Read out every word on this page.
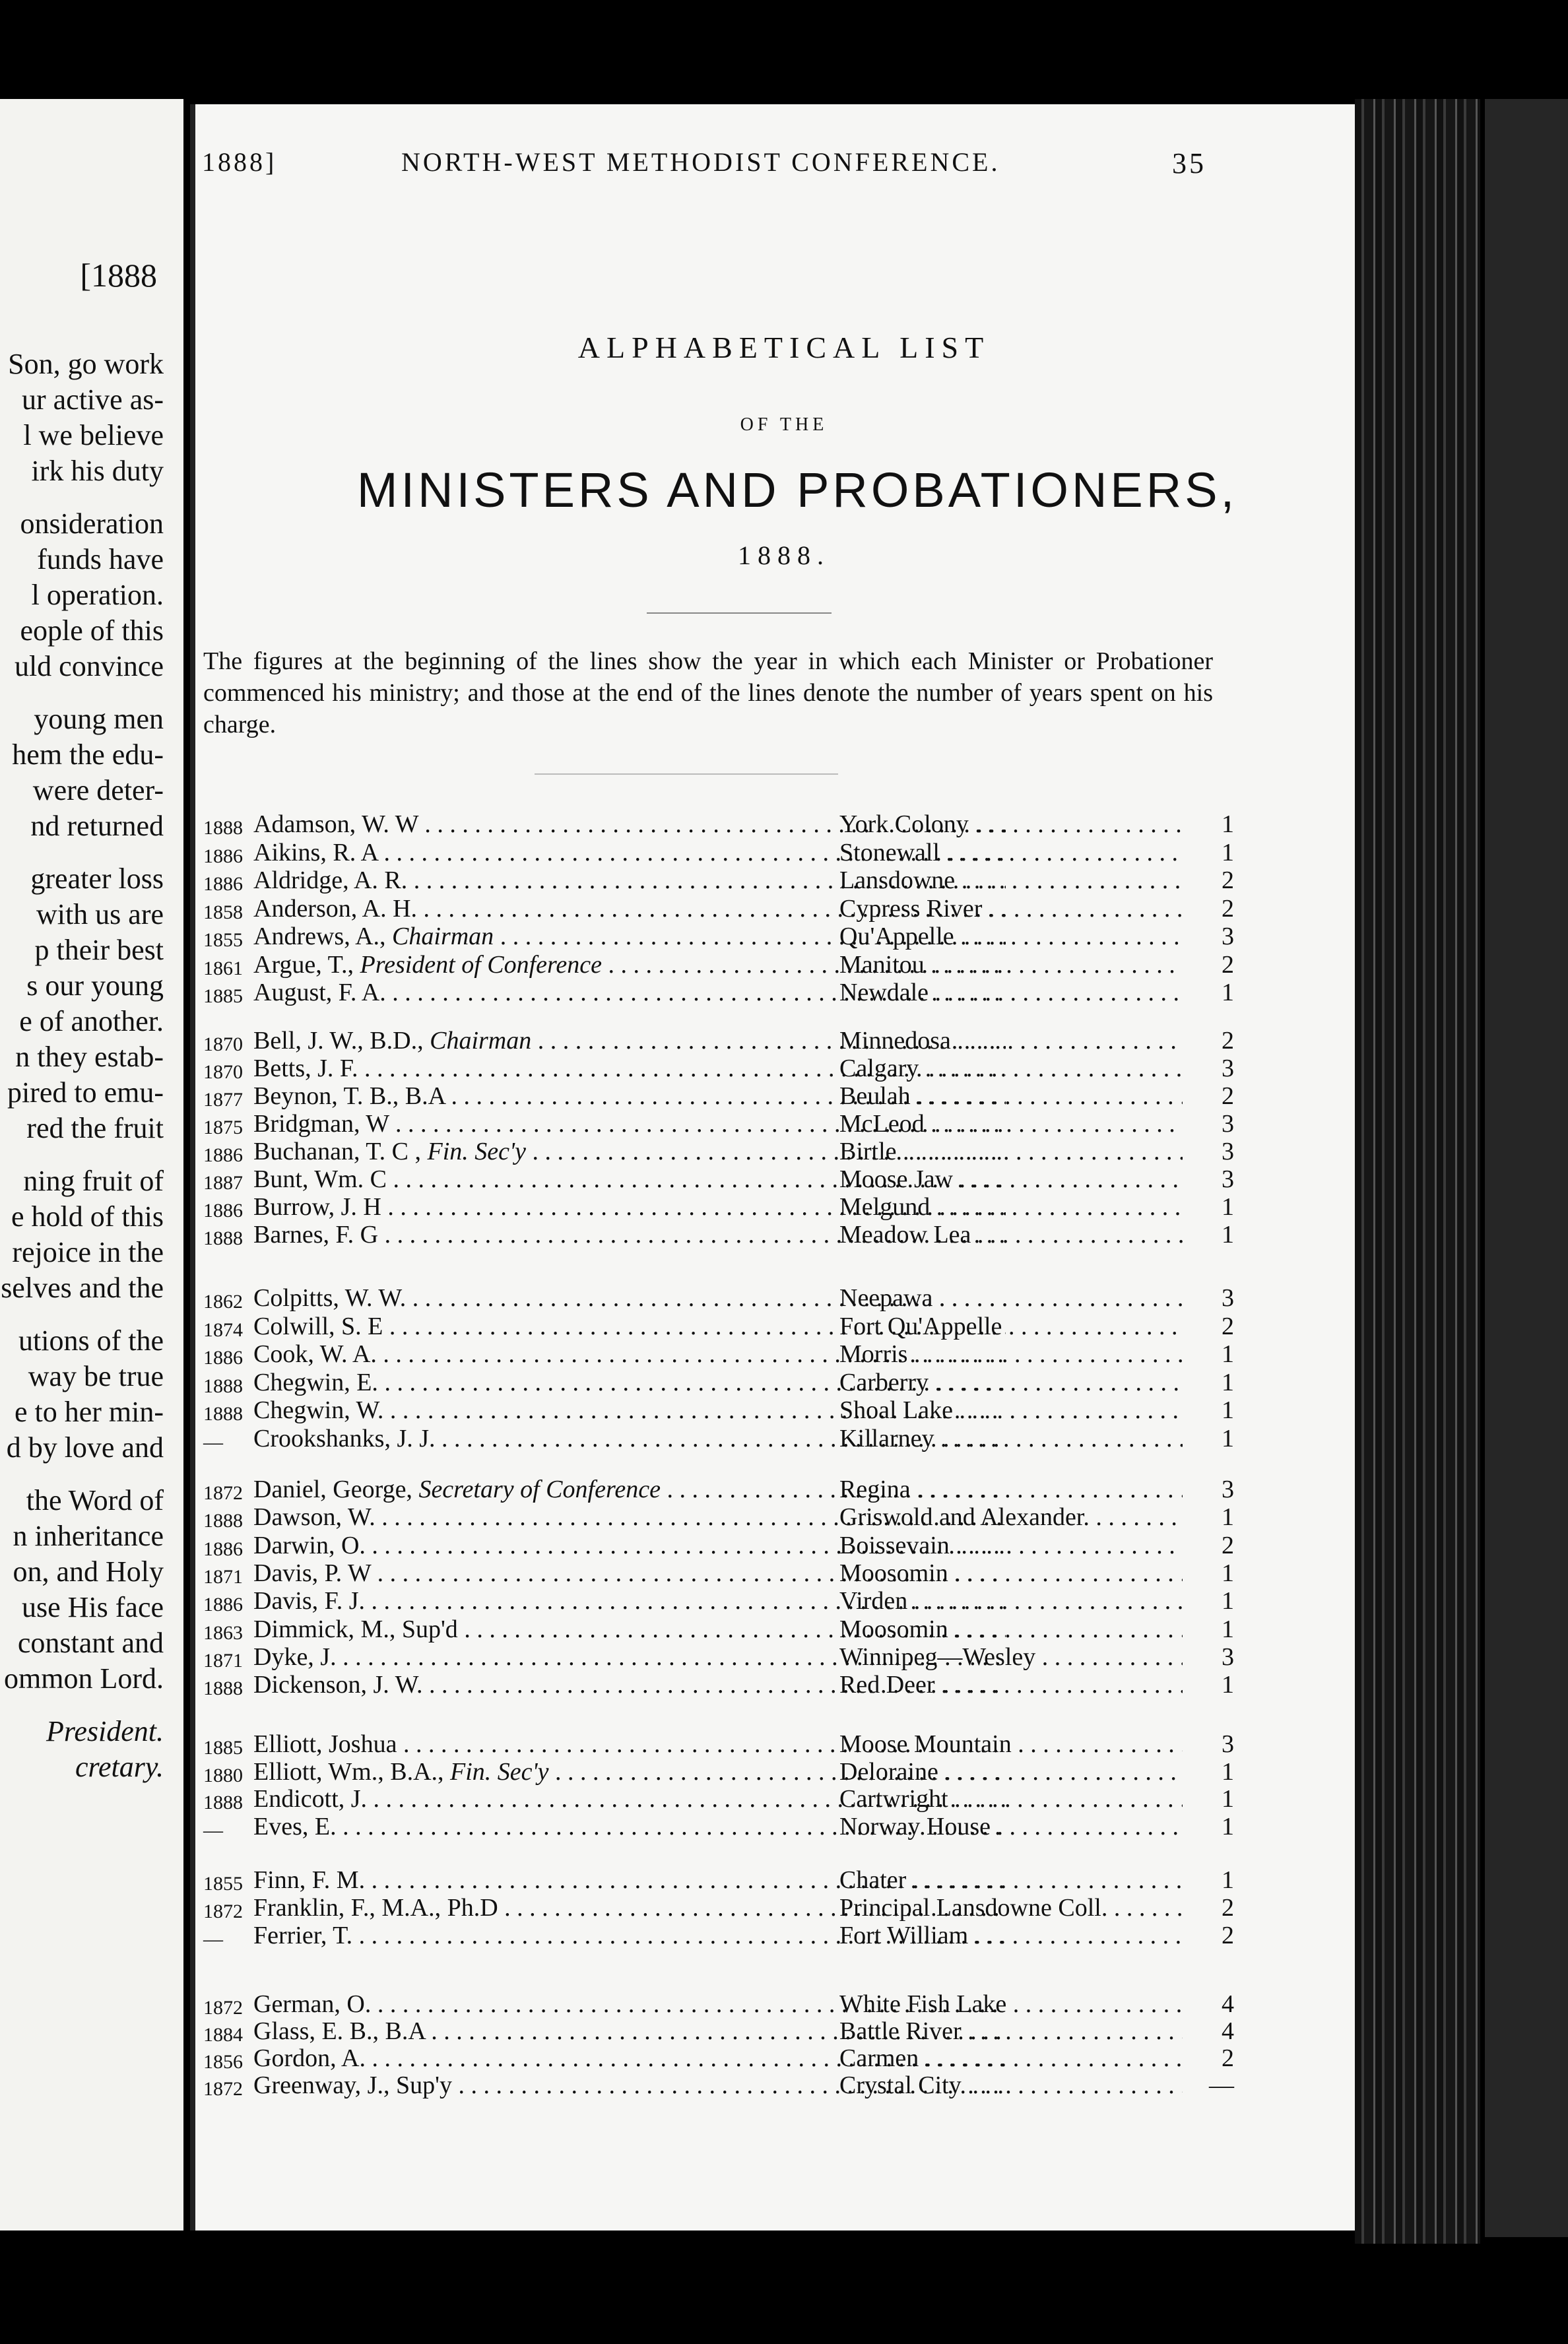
[1888
Son, go work
ur active as-
l we believe
irk his duty
onsideration
funds have
l operation.
eople of this
uld convince
young men
hem the edu-
were deter-
nd returned
greater loss
with us are
p their best
s our young
e of another.
n they estab-
pired to emu-
red the fruit
ning fruit of
e hold of this
rejoice in the
selves and the
utions of the
way be true
e to her min-
d by love and
the Word of
n inheritance
on, and Holy
use His face
constant and
ommon Lord.
President.
cretary.
1888]	NORTH-WEST METHODIST CONFERENCE.	35
ALPHABETICAL LIST
OF THE
MINISTERS AND PROBATIONERS,
1888.
The figures at the beginning of the lines show the year in which each Minister or Probationer commenced his ministry; and those at the end of the lines denote the number of years spent on his charge.
1888 Adamson, W. W . . .	York Colony . . .	1
1886 Aikins, R. A . . .	Stonewall . . .	1
1886 Aldridge, A. R. . . .	Lansdowne . . .	2
1858 Anderson, A. H. . . .	Cypress River . . .	2
1855 Andrews, A., Chairman . . .	Qu'Appelle . . .	3
1861 Argue, T., President of Conference . . .	Manitou . . .	2
1885 August, F. A. . . .	Newdale . . .	1
1870 Bell, J. W., B.D., Chairman . . .	Minnedosa . . .	2
1870 Betts, J. F. . . .	Calgary . . .	3
1877 Beynon, T. B., B.A . . .	Beulah . . .	2
1875 Bridgman, W . . .	McLeod . . .	3
1886 Buchanan, T. C , Fin. Sec'y . . .	Birtle . . .	3
1887 Bunt, Wm. C . . .	Moose Jaw . . .	3
1886 Burrow, J. H . . .	Melgund . . .	1
1888 Barnes, F. G . . .	Meadow Lea . . .	1
1862 Colpitts, W. W. . . .	Neepawa . . .	3
1874 Colwill, S. E . . .	Fort Qu'Appelle . . .	2
1886 Cook, W. A. . . .	Morris . . .	1
1888 Chegwin, E. . . .	Carberry . . .	1
1888 Chegwin, W. . . .	Shoal Lake . . .	1
— Crookshanks, J. J. . . .	Killarney . . .	1
1872 Daniel, George, Secretary of Conference . . .	Regina . . .	3
1888 Dawson, W. . . .	Griswold and Alexander. . . .	1
1886 Darwin, O. . . .	Boissevain . . .	2
1871 Davis, P. W . . .	Moosomin . . .	1
1886 Davis, F. J. . . .	Virden . . .	1
1863 Dimmick, M., Sup'd . . .	Moosomin . . .	1
1871 Dyke, J. . . .	Winnipeg—Wesley . . .	3
1888 Dickenson, J. W. . . .	Red Deer . . .	1
1885 Elliott, Joshua . . .	Moose Mountain . . .	3
1880 Elliott, Wm., B.A., Fin. Sec'y . . .	Deloraine . . .	1
1888 Endicott, J. . . .	Cartwright . . .	1
— Eves, E. . . .	Norway House . . .	1
1855 Finn, F. M. . . .	Chater . . .	1
1872 Franklin, F., M.A., Ph.D . . .	Principal Lansdowne Coll. . . .	2
— Ferrier, T. . . .	Fort William . . .	2
1872 German, O. . . .	White Fish Lake . . .	4
1884 Glass, E. B., B.A . . .	Battle River . . .	4
1856 Gordon, A. . . .	Carmen . . .	2
1872 Greenway, J., Sup'y . . .	Crystal City . . .	—
